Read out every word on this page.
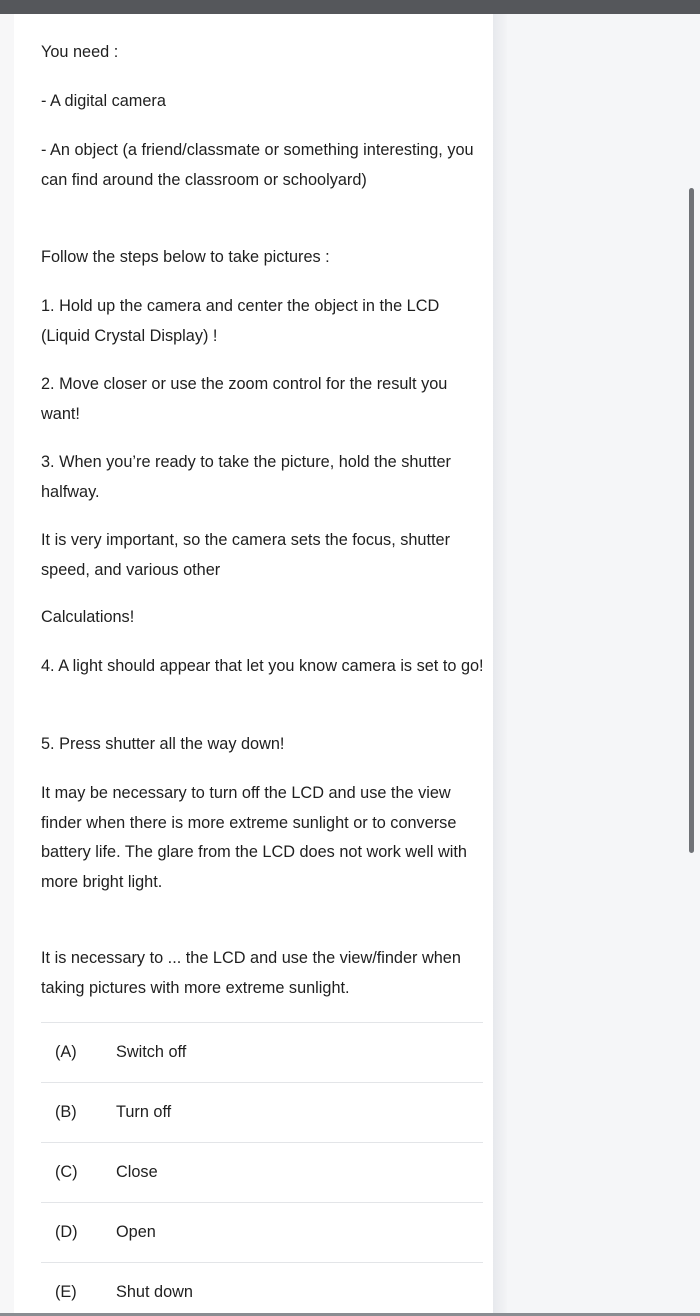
You need :

- A digital camera

- An object (a friend/classmate or something interesting, you can find around the classroom or schoolyard)

Follow the steps below to take pictures :

1. Hold up the camera and center the object in the LCD (Liquid Crystal Display) !

2. Move closer or use the zoom control for the result you want!

3. When you’re ready to take the picture, hold the shutter halfway.

It is very important, so the camera sets the focus, shutter speed, and various other

Calculations!

4. A light should appear that let you know camera is set to go!

5. Press shutter all the way down!

It may be necessary to turn off the LCD and use the view finder when there is more extreme sunlight or to converse battery life. The glare from the LCD does not work well with more bright light.

It is necessary to ... the LCD and use the view/finder when taking pictures with more extreme sunlight.

(A)	Switch off
(B)	Turn off
(C)	Close
(D)	Open
(E)	Shut down
